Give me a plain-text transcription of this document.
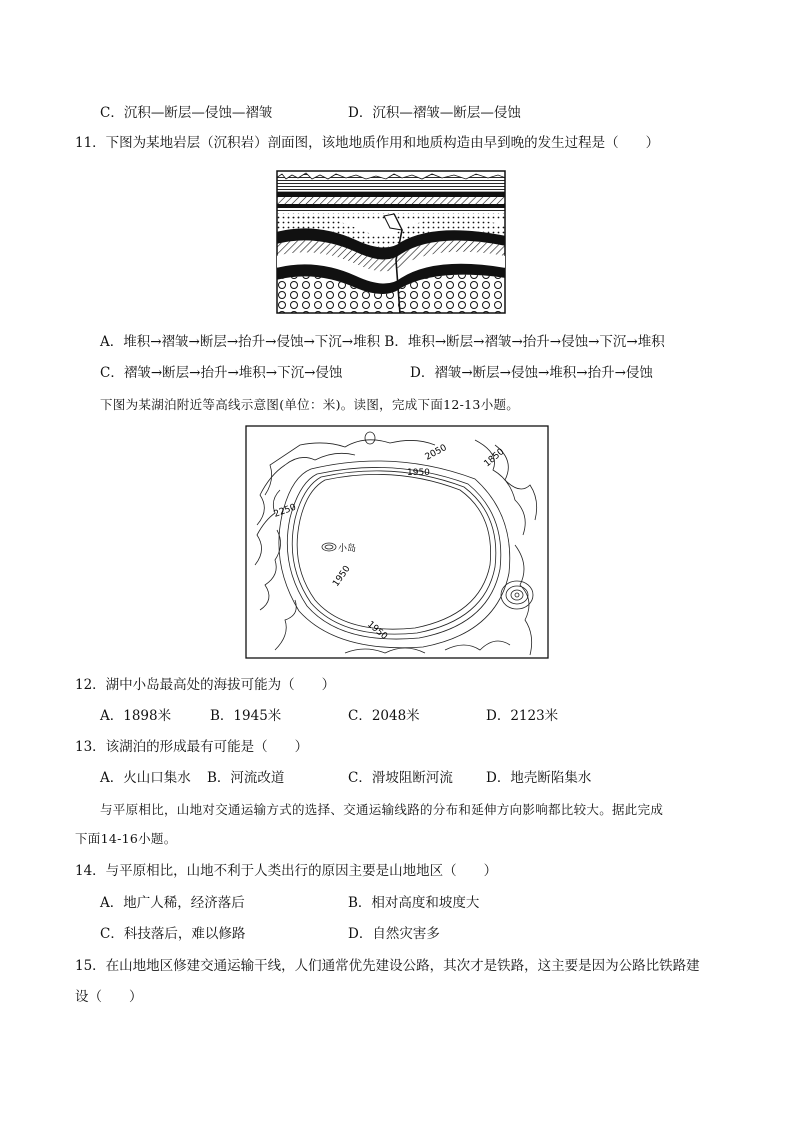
C．沉积—断层—侵蚀—褶皱	D．沉积—褶皱—断层—侵蚀
11．下图为某地岩层（沉积岩）剖面图，该地地质作用和地质构造由早到晚的发生过程是（　　）
A．堆积→褶皱→断层→抬升→侵蚀→下沉→堆积 B．堆积→断层→褶皱→抬升→侵蚀→下沉→堆积
C．褶皱→断层→抬升→堆积→下沉→侵蚀	D．褶皱→断层→侵蚀→堆积→抬升→侵蚀
下图为某湖泊附近等高线示意图(单位：米)。读图，完成下面12-13小题。
2050	1850
1950
2250
1950
1950
小岛
12．湖中小岛最高处的海拔可能为（　　）
A．1898米	B．1945米	C．2048米	D．2123米
13．该湖泊的形成最有可能是（　　）
A．火山口集水 B．河流改道	C．滑坡阻断河流 D．地壳断陷集水
与平原相比，山地对交通运输方式的选择、交通运输线路的分布和延伸方向影响都比较大。据此完成
下面14-16小题。
14．与平原相比，山地不利于人类出行的原因主要是山地地区（　　）
A．地广人稀，经济落后	B．相对高度和坡度大
C．科技落后，难以修路	D．自然灾害多
15．在山地地区修建交通运输干线，人们通常优先建设公路，其次才是铁路，这主要是因为公路比铁路建
设（　　）
